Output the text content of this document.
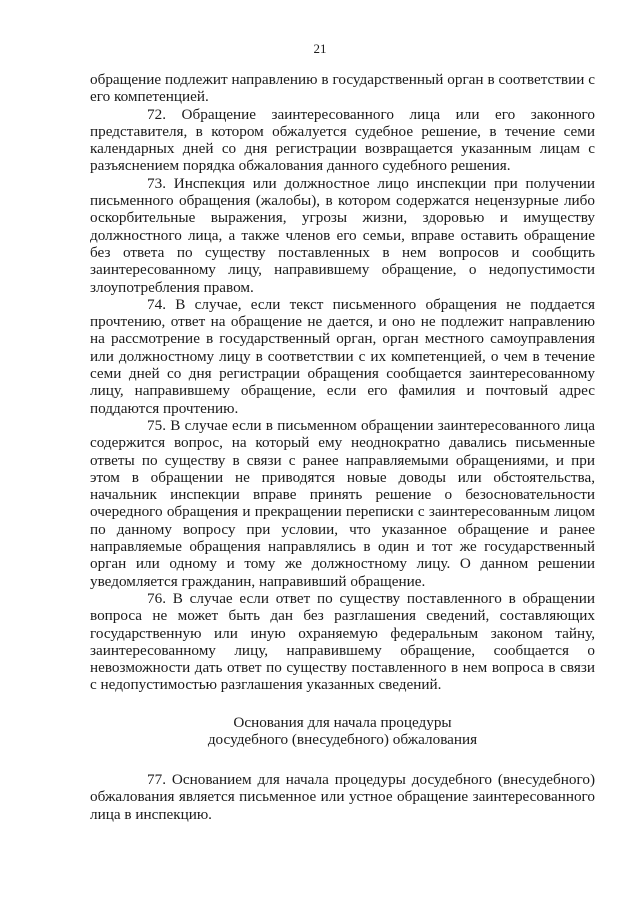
21

обращение подлежит направлению в государственный орган в соответствии с его компетенцией.

72. Обращение заинтересованного лица или его законного представителя, в котором обжалуется судебное решение, в течение семи календарных дней со дня регистрации возвращается указанным лицам с разъяснением порядка обжалования данного судебного решения.

73. Инспекция или должностное лицо инспекции при получении письменного обращения (жалобы), в котором содержатся нецензурные либо оскорбительные выражения, угрозы жизни, здоровью и имуществу должностного лица, а также членов его семьи, вправе оставить обращение без ответа по существу поставленных в нем вопросов и сообщить заинтересованному лицу, направившему обращение, о недопустимости злоупотребления правом.

74. В случае, если текст письменного обращения не поддается прочтению, ответ на обращение не дается, и оно не подлежит направлению на рассмотрение в государственный орган, орган местного самоуправления или должностному лицу в соответствии с их компетенцией, о чем в течение семи дней со дня регистрации обращения сообщается заинтересованному лицу, направившему обращение, если его фамилия и почтовый адрес поддаются прочтению.

75. В случае если в письменном обращении заинтересованного лица содержится вопрос, на который ему неоднократно давались письменные ответы по существу в связи с ранее направляемыми обращениями, и при этом в обращении не приводятся новые доводы или обстоятельства, начальник инспекции вправе принять решение о безосновательности очередного обращения и прекращении переписки с заинтересованным лицом по данному вопросу при условии, что указанное обращение и ранее направляемые обращения направлялись в один и тот же государственный орган или одному и тому же должностному лицу. О данном решении уведомляется гражданин, направивший обращение.

76. В случае если ответ по существу поставленного в обращении вопроса не может быть дан без разглашения сведений, составляющих государственную или иную охраняемую федеральным законом тайну, заинтересованному лицу, направившему обращение, сообщается о невозможности дать ответ по существу поставленного в нем вопроса в связи с недопустимостью разглашения указанных сведений.

Основания для начала процедуры
досудебного (внесудебного) обжалования

77. Основанием для начала процедуры досудебного (внесудебного) обжалования является письменное или устное обращение заинтересованного лица в инспекцию.
